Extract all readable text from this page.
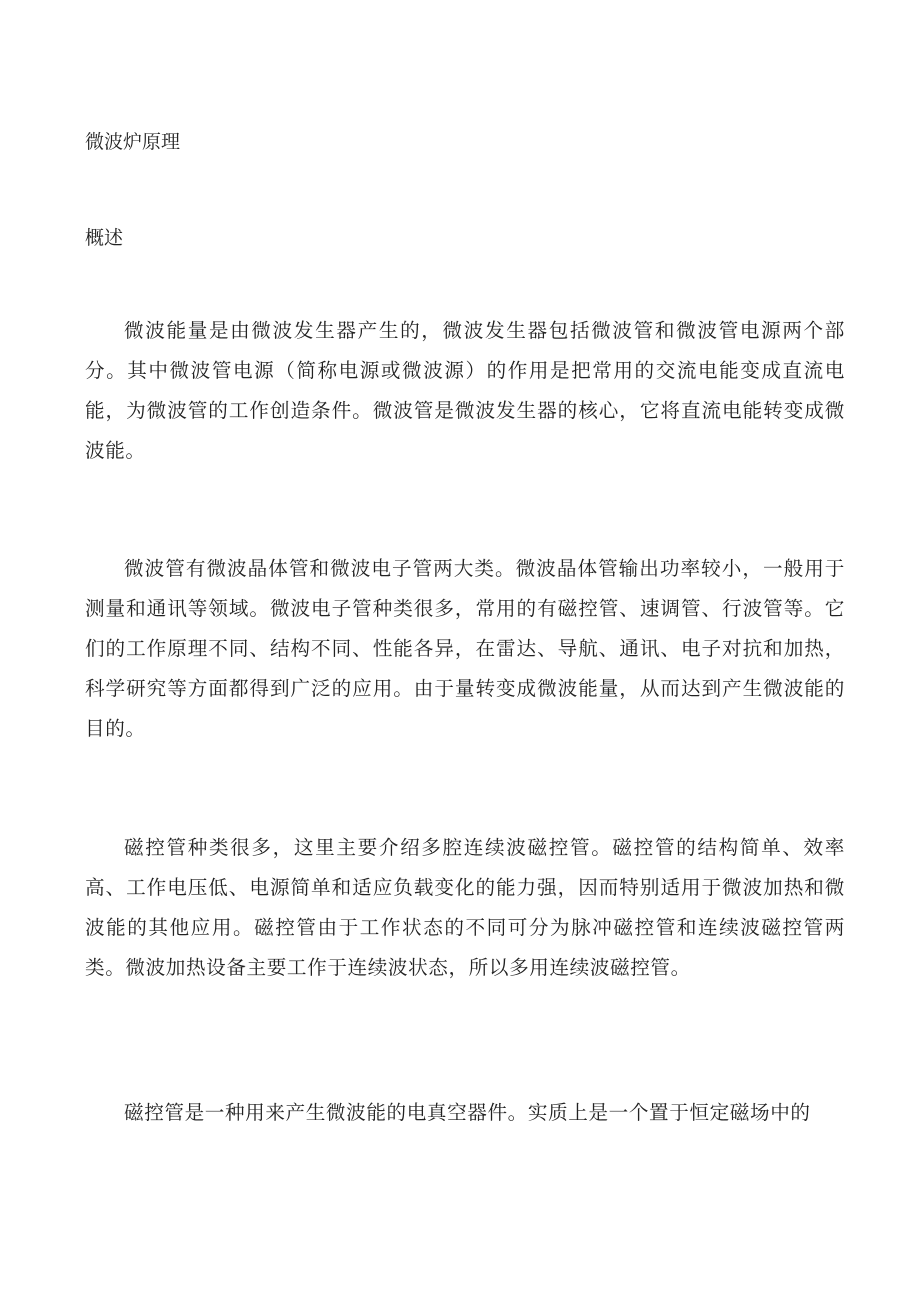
微波炉原理
概述

微波能量是由微波发生器产生的，微波发生器包括微波管和微波管电源两个部分。其中微波管电源（简称电源或微波源）的作用是把常用的交流电能变成直流电能，为微波管的工作创造条件。微波管是微波发生器的核心，它将直流电能转变成微波能。

微波管有微波晶体管和微波电子管两大类。微波晶体管输出功率较小，一般用于测量和通讯等领域。微波电子管种类很多，常用的有磁控管、速调管、行波管等。它们的工作原理不同、结构不同、性能各异，在雷达、导航、通讯、电子对抗和加热，科学研究等方面都得到广泛的应用。由于量转变成微波能量，从而达到产生微波能的目的。

磁控管种类很多，这里主要介绍多腔连续波磁控管。磁控管的结构简单、效率高、工作电压低、电源简单和适应负载变化的能力强，因而特别适用于微波加热和微波能的其他应用。磁控管由于工作状态的不同可分为脉冲磁控管和连续波磁控管两类。微波加热设备主要工作于连续波状态，所以多用连续波磁控管。

磁控管是一种用来产生微波能的电真空器件。实质上是一个置于恒定磁场中的
